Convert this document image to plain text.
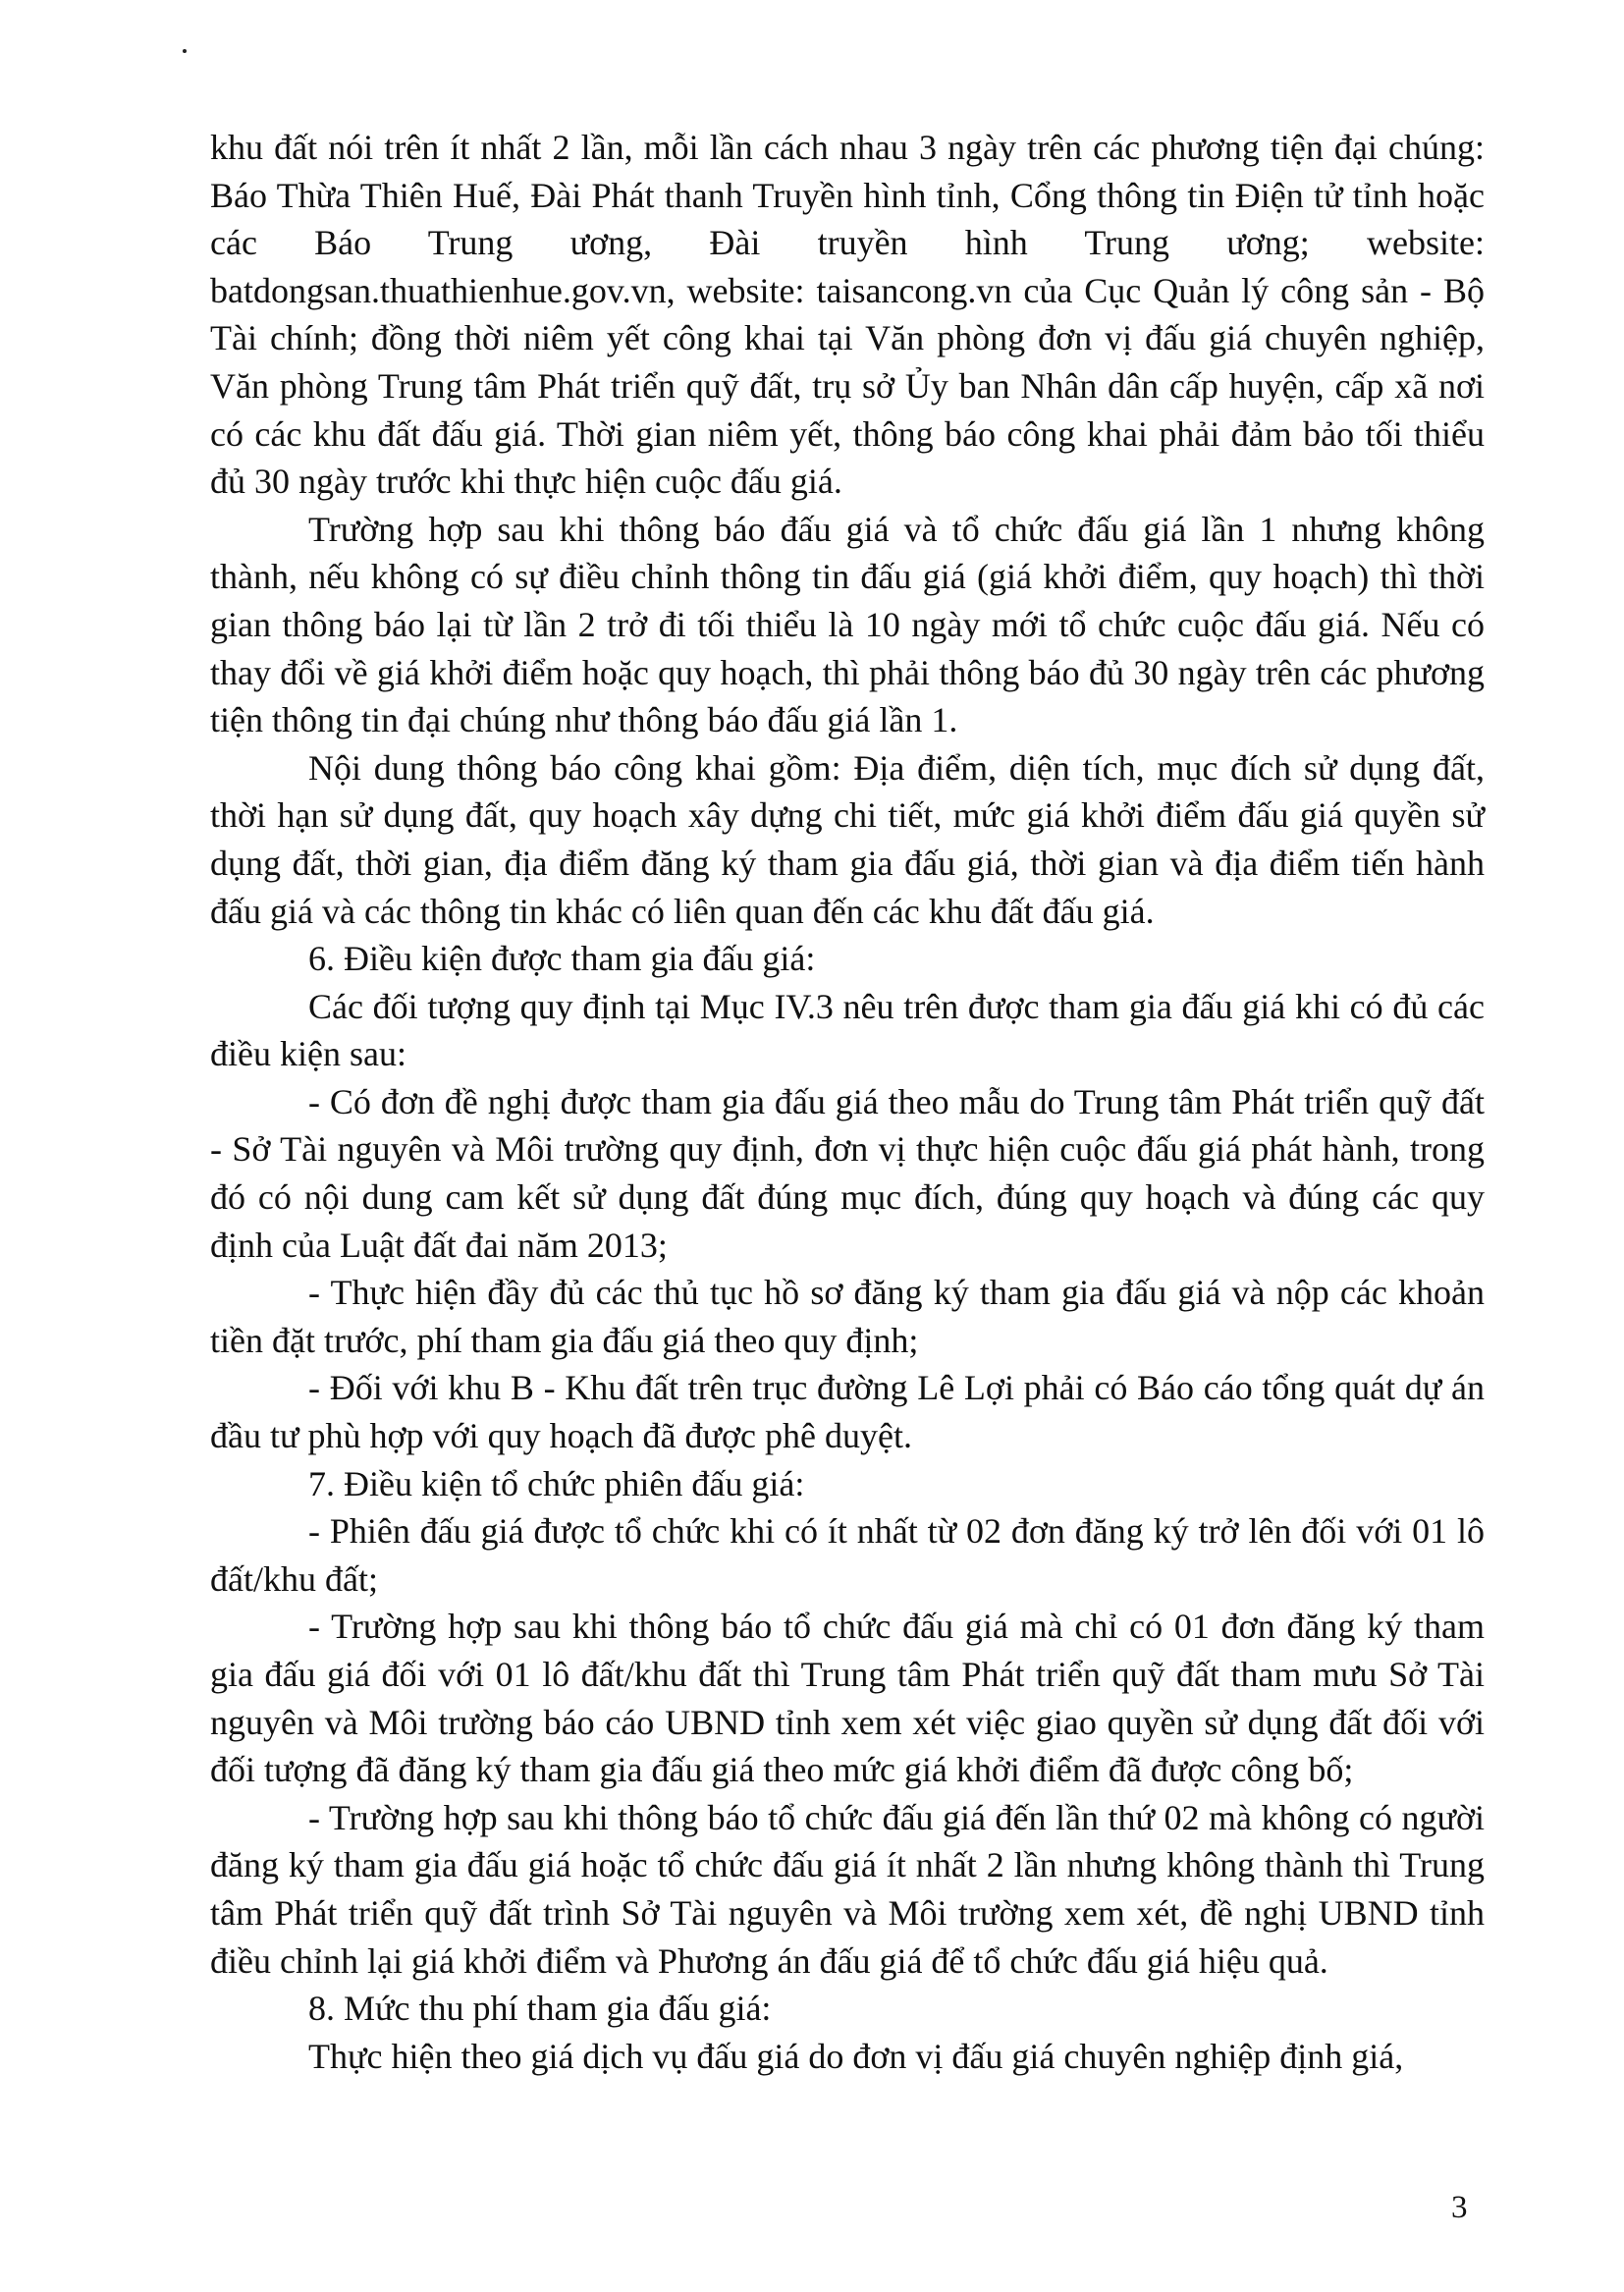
khu đất nói trên ít nhất 2 lần, mỗi lần cách nhau 3 ngày trên các phương tiện đại chúng: Báo Thừa Thiên Huế, Đài Phát thanh Truyền hình tỉnh, Cổng thông tin Điện tử tỉnh hoặc các Báo Trung ương, Đài truyền hình Trung ương; website: batdongsan.thuathienhue.gov.vn, website: taisancong.vn của Cục Quản lý công sản - Bộ Tài chính; đồng thời niêm yết công khai tại Văn phòng đơn vị đấu giá chuyên nghiệp, Văn phòng Trung tâm Phát triển quỹ đất, trụ sở Ủy ban Nhân dân cấp huyện, cấp xã nơi có các khu đất đấu giá. Thời gian niêm yết, thông báo công khai phải đảm bảo tối thiểu đủ 30 ngày trước khi thực hiện cuộc đấu giá.

Trường hợp sau khi thông báo đấu giá và tổ chức đấu giá lần 1 nhưng không thành, nếu không có sự điều chỉnh thông tin đấu giá (giá khởi điểm, quy hoạch) thì thời gian thông báo lại từ lần 2 trở đi tối thiểu là 10 ngày mới tổ chức cuộc đấu giá. Nếu có thay đổi về giá khởi điểm hoặc quy hoạch, thì phải thông báo đủ 30 ngày trên các phương tiện thông tin đại chúng như thông báo đấu giá lần 1.

Nội dung thông báo công khai gồm: Địa điểm, diện tích, mục đích sử dụng đất, thời hạn sử dụng đất, quy hoạch xây dựng chi tiết, mức giá khởi điểm đấu giá quyền sử dụng đất, thời gian, địa điểm đăng ký tham gia đấu giá, thời gian và địa điểm tiến hành đấu giá và các thông tin khác có liên quan đến các khu đất đấu giá.

6. Điều kiện được tham gia đấu giá:

Các đối tượng quy định tại Mục IV.3 nêu trên được tham gia đấu giá khi có đủ các điều kiện sau:

- Có đơn đề nghị được tham gia đấu giá theo mẫu do Trung tâm Phát triển quỹ đất - Sở Tài nguyên và Môi trường quy định, đơn vị thực hiện cuộc đấu giá phát hành, trong đó có nội dung cam kết sử dụng đất đúng mục đích, đúng quy hoạch và đúng các quy định của Luật đất đai năm 2013;

- Thực hiện đầy đủ các thủ tục hồ sơ đăng ký tham gia đấu giá và nộp các khoản tiền đặt trước, phí tham gia đấu giá theo quy định;

- Đối với khu B - Khu đất trên trục đường Lê Lợi phải có Báo cáo tổng quát dự án đầu tư phù hợp với quy hoạch đã được phê duyệt.

7. Điều kiện tổ chức phiên đấu giá:

- Phiên đấu giá được tổ chức khi có ít nhất từ 02 đơn đăng ký trở lên đối với 01 lô đất/khu đất;

- Trường hợp sau khi thông báo tổ chức đấu giá mà chỉ có 01 đơn đăng ký tham gia đấu giá đối với 01 lô đất/khu đất thì Trung tâm Phát triển quỹ đất tham mưu Sở Tài nguyên và Môi trường báo cáo UBND tỉnh xem xét việc giao quyền sử dụng đất đối với đối tượng đã đăng ký tham gia đấu giá theo mức giá khởi điểm đã được công bố;

- Trường hợp sau khi thông báo tổ chức đấu giá đến lần thứ 02 mà không có người đăng ký tham gia đấu giá hoặc tổ chức đấu giá ít nhất 2 lần nhưng không thành thì Trung tâm Phát triển quỹ đất trình Sở Tài nguyên và Môi trường xem xét, đề nghị UBND tỉnh điều chỉnh lại giá khởi điểm và Phương án đấu giá để tổ chức đấu giá hiệu quả.

8. Mức thu phí tham gia đấu giá:

Thực hiện theo giá dịch vụ đấu giá do đơn vị đấu giá chuyên nghiệp định giá,

3
